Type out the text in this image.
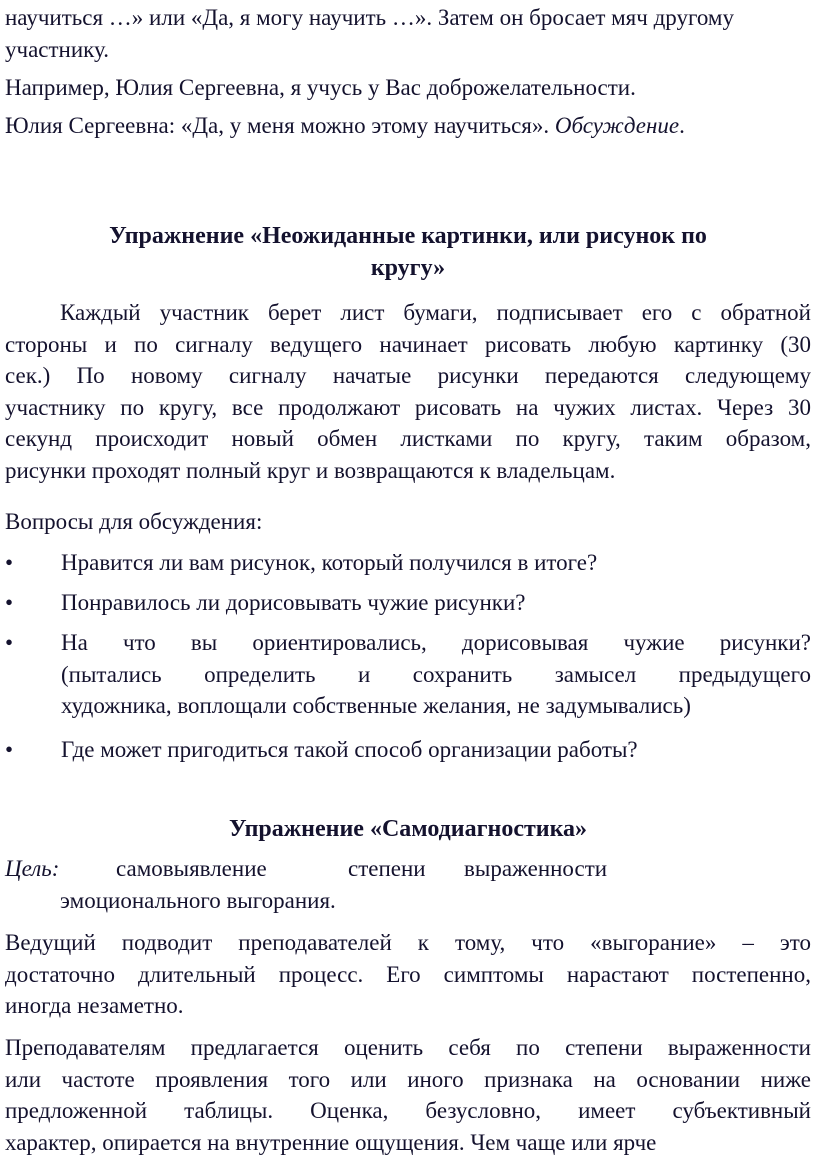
научиться …» или «Да, я могу научить …». Затем он бросает мяч другому
участнику.
Например, Юлия Сергеевна, я учусь у Вас доброжелательности.
Юлия Сергеевна: «Да, у меня можно этому научиться». Обсуждение.
Упражнение «Неожиданные картинки, или рисунок по
кругу»
Каждый участник берет лист бумаги, подписывает его с обратной
стороны и по сигналу ведущего начинает рисовать любую картинку (30
сек.) По новому сигналу начатые рисунки передаются следующему
участнику по кругу, все продолжают рисовать на чужих листах. Через 30
секунд происходит новый обмен листками по кругу, таким образом,
рисунки проходят полный круг и возвращаются к владельцам.
Вопросы для обсуждения:
•	Нравится ли вам рисунок, который получился в итоге?
•	Понравилось ли дорисовывать чужие рисунки?
•	На что вы ориентировались, дорисовывая чужие рисунки?
(пытались определить и сохранить замысел предыдущего
художника, воплощали собственные желания, не задумывались)
•	Где может пригодиться такой способ организации работы?
Упражнение «Самодиагностика»
Цель: самовыявление	степени выраженности
эмоционального выгорания.
Ведущий подводит преподавателей к тому, что «выгорание» – это
достаточно длительный процесс. Его симптомы нарастают постепенно,
иногда незаметно.
Преподавателям предлагается оценить себя по степени выраженности
или частоте проявления того или иного признака на основании ниже
предложенной таблицы. Оценка, безусловно, имеет субъективный
характер, опирается на внутренние ощущения. Чем чаще или ярче
